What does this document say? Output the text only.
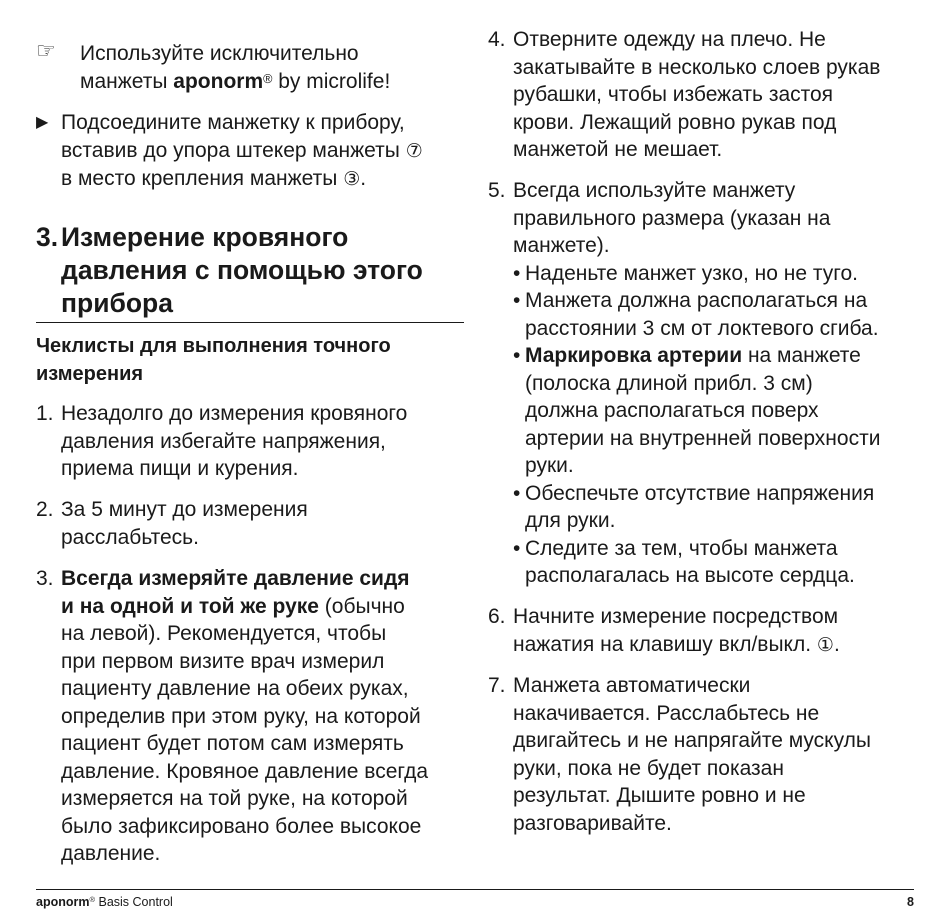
☞ Используйте исключительно
манжеты aponorm® by microlife!
▶ Подсоедините манжетку к прибору,
вставив до упора штекер манжеты ⑦
в место крепления манжеты ③.
3. Измерение кровяного
давления с помощью этого
прибора
Чеклисты для выполнения точного
измерения
1. Незадолго до измерения кровяного
давления избегайте напряжения,
приема пищи и курения.
2. За 5 минут до измерения
расслабьтесь.
3. Всегда измеряйте давление сидя
и на одной и той же руке (обычно
на левой). Рекомендуется, чтобы
при первом визите врач измерил
пациенту давление на обеих руках,
определив при этом руку, на которой
пациент будет потом сам измерять
давление. Кровяное давление всегда
измеряется на той руке, на которой
было зафиксировано более высокое
давление.
4. Отверните одежду на плечо. Не
закатывайте в несколько слоев рукав
рубашки, чтобы избежать застоя
крови. Лежащий ровно рукав под
манжетой не мешает.
5. Всегда используйте манжету
правильного размера (указан на
манжете).
• Наденьте манжет узко, но не туго.
• Манжета должна располагаться на
расстоянии 3 см от локтевого сгиба.
• Маркировка артерии на манжете
(полоска длиной прибл. 3 см)
должна располагаться поверх
артерии на внутренней поверхности
руки.
• Обеспечьте отсутствие напряжения
для руки.
• Следите за тем, чтобы манжета
располагалась на высоте сердца.
6. Начните измерение посредством
нажатия на клавишу вкл/выкл. ①.
7. Манжета автоматически
накачивается. Расслабьтесь не
двигайтесь и не напрягайте мускулы
руки, пока не будет показан
результат. Дышите ровно и не
разговаривайте.
aponorm® Basis Control	8
